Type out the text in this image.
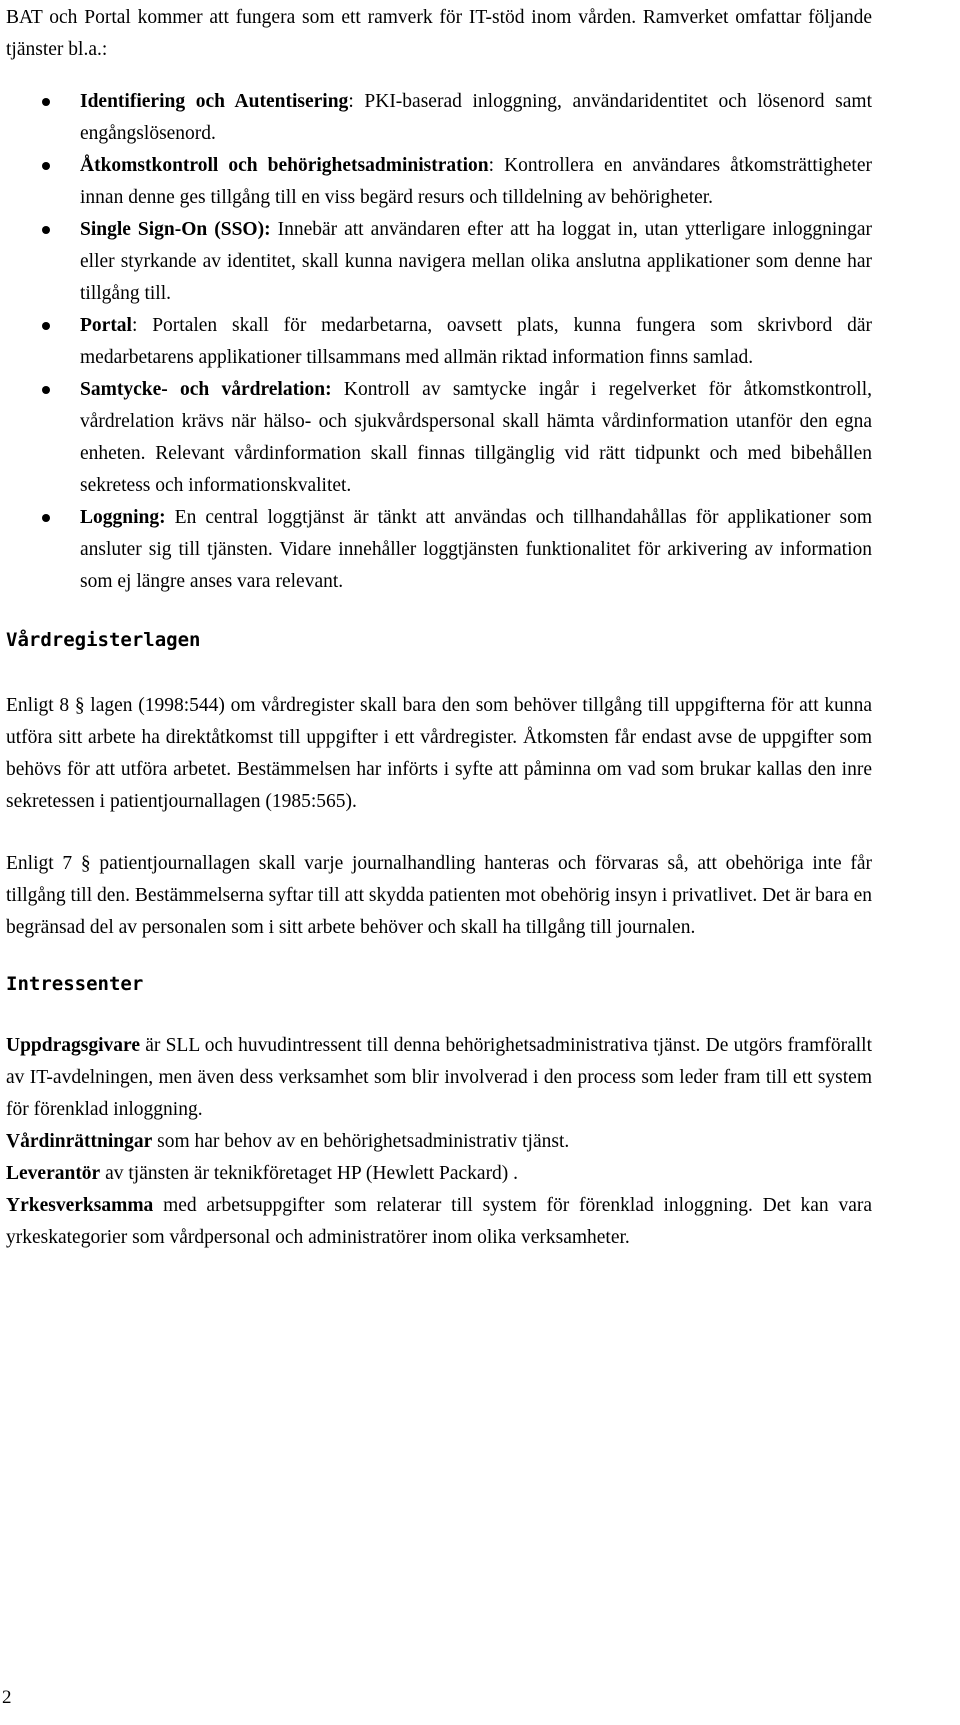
BAT och Portal kommer att fungera som ett ramverk för IT-stöd inom vården. Ramverket omfattar följande tjänster bl.a.:

Identifiering och Autentisering: PKI-baserad inloggning, användaridentitet och lösenord samt engångslösenord.
Åtkomstkontroll och behörighetsadministration: Kontrollera en användares åtkomsträttigheter innan denne ges tillgång till en viss begärd resurs och tilldelning av behörigheter.
Single Sign-On (SSO): Innebär att användaren efter att ha loggat in, utan ytterligare inloggningar eller styrkande av identitet, skall kunna navigera mellan olika anslutna applikationer som denne har tillgång till.
Portal: Portalen skall för medarbetarna, oavsett plats, kunna fungera som skrivbord där medarbetarens applikationer tillsammans med allmän riktad information finns samlad.
Samtycke- och vårdrelation: Kontroll av samtycke ingår i regelverket för åtkomstkontroll, vårdrelation krävs när hälso- och sjukvårdspersonal skall hämta vårdinformation utanför den egna enheten. Relevant vårdinformation skall finnas tillgänglig vid rätt tidpunkt och med bibehållen sekretess och informationskvalitet.
Loggning: En central loggtjänst är tänkt att användas och tillhandahållas för applikationer som ansluter sig till tjänsten. Vidare innehåller loggtjänsten funktionalitet för arkivering av information som ej längre anses vara relevant.
Vårdregisterlagen

Enligt 8 § lagen (1998:544) om vårdregister skall bara den som behöver tillgång till uppgifterna för att kunna utföra sitt arbete ha direktåtkomst till uppgifter i ett vårdregister. Åtkomsten får endast avse de uppgifter som behövs för att utföra arbetet. Bestämmelsen har införts i syfte att påminna om vad som brukar kallas den inre sekretessen i patientjournallagen (1985:565).

Enligt 7 § patientjournallagen skall varje journalhandling hanteras och förvaras så, att obehöriga inte får tillgång till den. Bestämmelserna syftar till att skydda patienten mot obehörig insyn i privatlivet. Det är bara en begränsad del av personalen som i sitt arbete behöver och skall ha tillgång till journalen.

Intressenter

Uppdragsgivare är SLL och huvudintressent till denna behörighetsadministrativa tjänst. De utgörs framförallt av IT-avdelningen, men även dess verksamhet som blir involverad i den process som leder fram till ett system för förenklad inloggning.

Vårdinrättningar som har behov av en behörighetsadministrativ tjänst.

Leverantör av tjänsten är teknikföretaget HP (Hewlett Packard) .

Yrkesverksamma med arbetsuppgifter som relaterar till system för förenklad inloggning. Det kan vara yrkeskategorier som vårdpersonal och administratörer inom olika verksamheter.

2
